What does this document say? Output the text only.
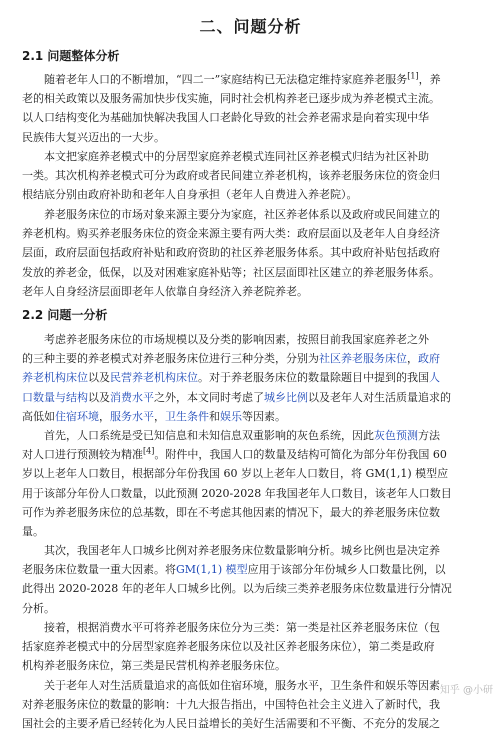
二、问题分析
2.1 问题整体分析
　　随着老年人口的不断增加，“四二一”家庭结构已无法稳定维持家庭养老服务[1]，养
老的相关政策以及服务需加快步伐实施，同时社会机构养老已逐步成为养老模式主流。
以人口结构变化为基础加快解决我国人口老龄化导致的社会养老需求是向着实现中华
民族伟大复兴迈出的一大步。
　　本文把家庭养老模式中的分居型家庭养老模式连同社区养老模式归结为社区补助
一类。其次机构养老模式可分为政府或者民间建立养老机构，该养老服务床位的资金归
根结底分别由政府补助和老年人自身承担（老年人自费进入养老院）。
　　养老服务床位的市场对象来源主要分为家庭，社区养老体系以及政府或民间建立的
养老机构。购买养老服务床位的资金来源主要有两大类：政府层面以及老年人自身经济
层面，政府层面包括政府补贴和政府资助的社区养老服务体系。其中政府补贴包括政府
发放的养老金，低保，以及对困难家庭补贴等；社区层面即社区建立的养老服务体系。
老年人自身经济层面即老年人依靠自身经济入养老院养老。
2.2 问题一分析
　　考虑养老服务床位的市场规模以及分类的影响因素，按照目前我国家庭养老之外
的三种主要的养老模式对养老服务床位进行三种分类，分别为社区养老服务床位，政府
养老机构床位以及民营养老机构床位。对于养老服务床位的数量除题目中提到的我国人
口数量与结构以及消费水平之外，本文同时考虑了城乡比例以及老年人对生活质量追求的
高低如住宿环境，服务水平，卫生条件和娱乐等因素。
　　首先，人口系统是受已知信息和未知信息双重影响的灰色系统，因此灰色预测方法
对人口进行预测较为精准[4]。附件中，我国人口的数量及结构可简化为部分年份我国 60
岁以上老年人口数目，根据部分年份我国 60 岁以上老年人口数目，将 GM(1,1) 模型应
用于该部分年份人口数量，以此预测 2020-2028 年我国老年人口数目，该老年人口数目
可作为养老服务床位的总基数，即在不考虑其他因素的情况下，最大的养老服务床位数
量。
　　其次，我国老年人口城乡比例对养老服务床位数量影响分析。城乡比例也是决定养
老服务床位数量一重大因素。将GM(1,1) 模型应用于该部分年份城乡人口数量比例，以
此得出 2020-2028 年的老年人口城乡比例。以为后续三类养老服务床位数量进行分情况
分析。
　　接着，根据消费水平可将养老服务床位分为三类：第一类是社区养老服务床位（包
括家庭养老模式中的分居型家庭养老服务床位以及社区养老服务床位），第二类是政府
机构养老服务床位，第三类是民营机构养老服务床位。
　　关于老年人对生活质量追求的高低如住宿环境，服务水平，卫生条件和娱乐等因素
对养老服务床位的数量的影响：十九大报告指出，中国特色社会主义进入了新时代，我
国社会的主要矛盾已经转化为人民日益增长的美好生活需要和不平衡、不充分的发展之
知乎 @小研
